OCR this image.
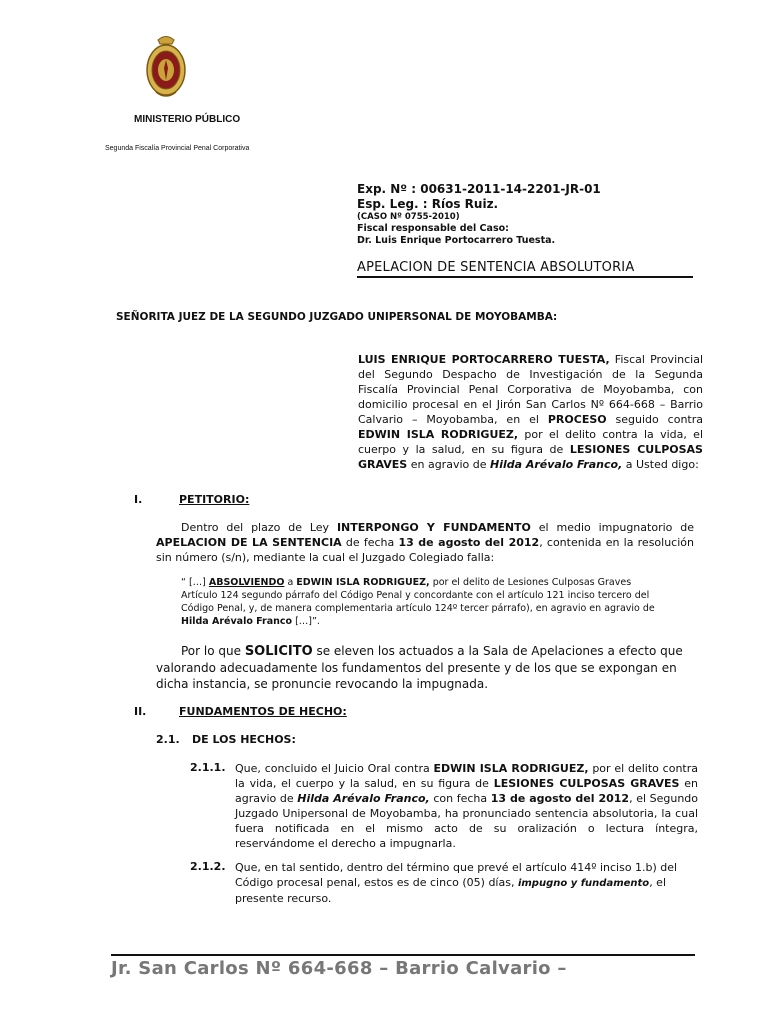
MINISTERIO PÚBLICO
Segunda Fiscalía Provincial Penal Corporativa
Exp. Nº : 00631-2011-14-2201-JR-01
Esp. Leg. : Ríos Ruiz.
(CASO Nº 0755-2010)
Fiscal responsable del Caso:
Dr. Luis Enrique Portocarrero Tuesta.
APELACION DE SENTENCIA ABSOLUTORIA
SEÑORITA JUEZ DE LA SEGUNDO JUZGADO UNIPERSONAL DE MOYOBAMBA:
LUIS ENRIQUE PORTOCARRERO TUESTA, Fiscal Provincial del Segundo Despacho de Investigación de la Segunda Fiscalía Provincial Penal Corporativa de Moyobamba, con domicilio procesal en el Jirón San Carlos Nº 664-668 – Barrio Calvario – Moyobamba, en el PROCESO seguido contra EDWIN ISLA RODRIGUEZ, por el delito contra la vida, el cuerpo y la salud, en su figura de LESIONES CULPOSAS GRAVES en agravio de Hilda Arévalo Franco, a Usted digo:
I.	PETITORIO:
Dentro del plazo de Ley INTERPONGO Y FUNDAMENTO el medio impugnatorio de APELACION DE LA SENTENCIA de fecha 13 de agosto del 2012, contenida en la resolución sin número (s/n), mediante la cual el Juzgado Colegiado falla:
“ […] ABSOLVIENDO a EDWIN ISLA RODRIGUEZ, por el delito de Lesiones Culposas Graves Artículo 124 segundo párrafo del Código Penal y concordante con el artículo 121 inciso tercero del Código Penal, y, de manera complementaria artículo 124º tercer párrafo), en agravio en agravio de Hilda Arévalo Franco […]”.
Por lo que SOLICITO se eleven los actuados a la Sala de Apelaciones a efecto que valorando adecuadamente los fundamentos del presente y de los que se expongan en dicha instancia, se pronuncie revocando la impugnada.
II.	FUNDAMENTOS DE HECHO:
2.1. DE LOS HECHOS:
2.1.1. Que, concluido el Juicio Oral contra EDWIN ISLA RODRIGUEZ, por el delito contra la vida, el cuerpo y la salud, en su figura de LESIONES CULPOSAS GRAVES en agravio de Hilda Arévalo Franco, con fecha 13 de agosto del 2012, el Segundo Juzgado Unipersonal de Moyobamba, ha pronunciado sentencia absolutoria, la cual fuera notificada en el mismo acto de su oralización o lectura íntegra, reservándome el derecho a impugnarla.
2.1.2. Que, en tal sentido, dentro del término que prevé el artículo 414º inciso 1.b) del Código procesal penal, estos es de cinco (05) días, impugno y fundamento, el presente recurso.
Jr. San Carlos Nº 664-668 – Barrio Calvario –
